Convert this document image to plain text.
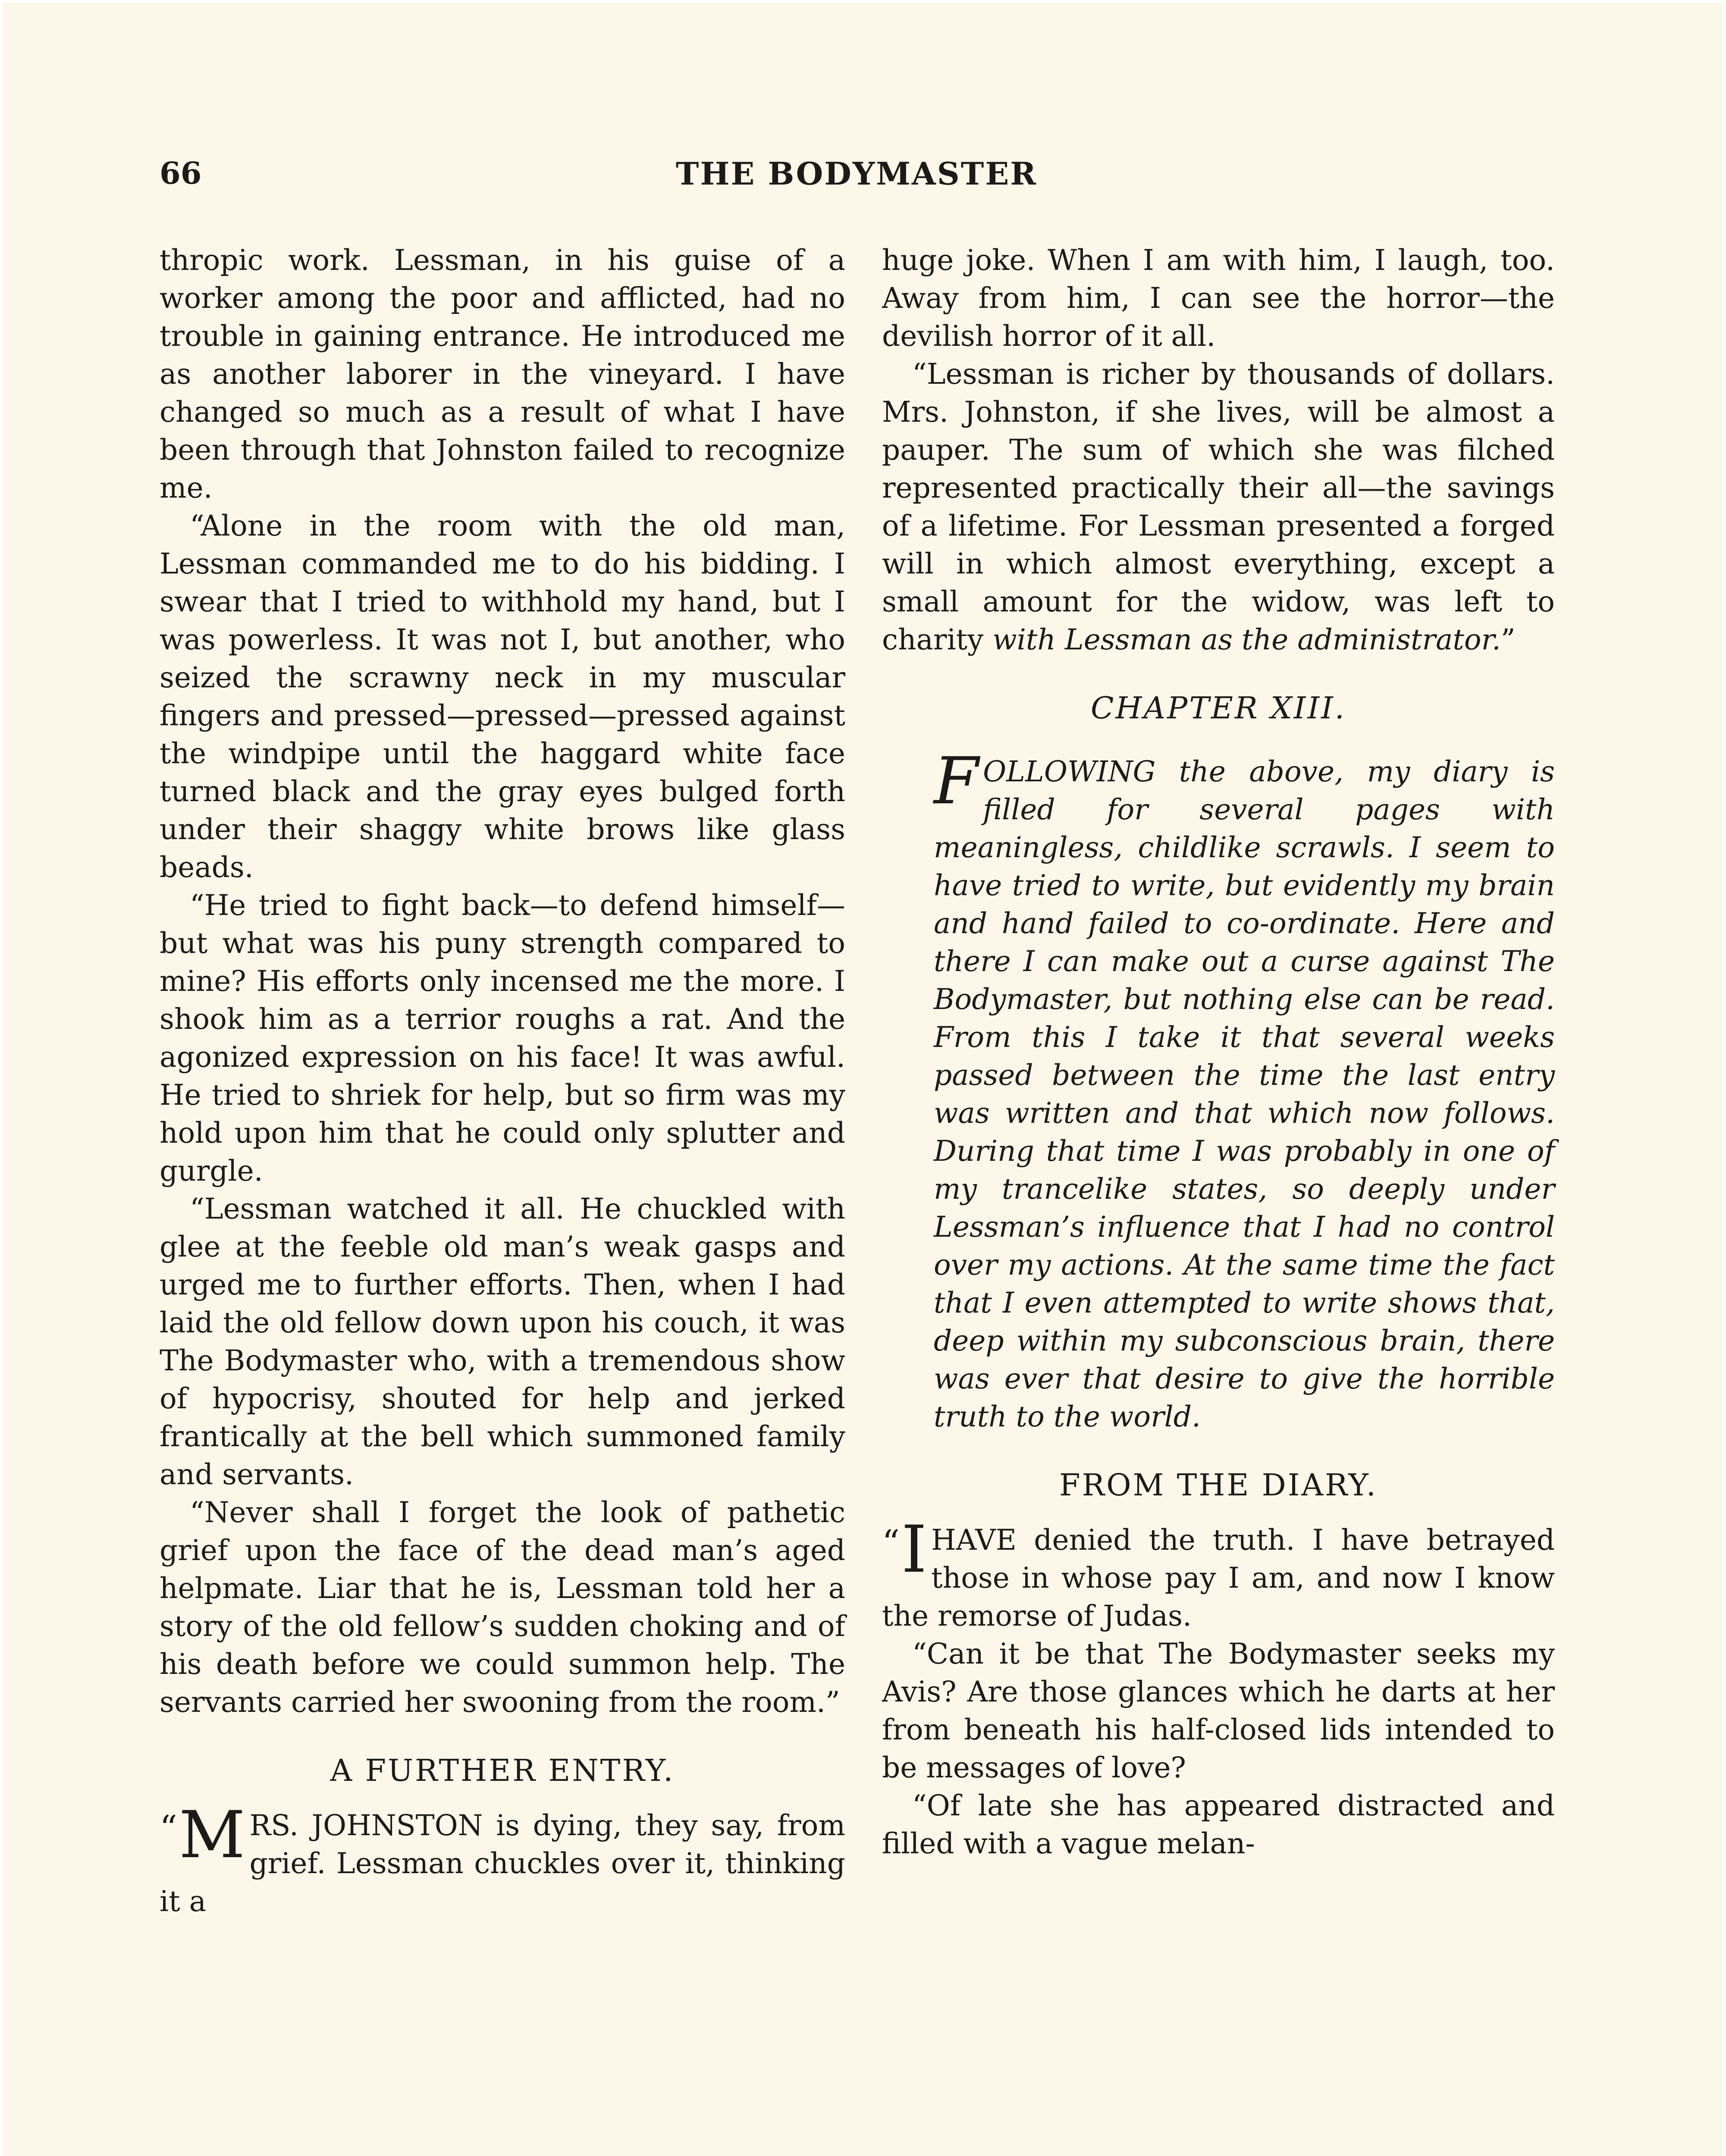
66	THE BODYMASTER

thropic work. Lessman, in his guise of a worker among the poor and afflicted, had no trouble in gaining entrance. He introduced me as another laborer in the vineyard. I have changed so much as a result of what I have been through that Johnston failed to recognize me.

“Alone in the room with the old man, Lessman commanded me to do his bidding. I swear that I tried to withhold my hand, but I was powerless. It was not I, but another, who seized the scrawny neck in my muscular fingers and pressed—pressed—pressed against the windpipe until the haggard white face turned black and the gray eyes bulged forth under their shaggy white brows like glass beads.

“He tried to fight back—to defend himself—but what was his puny strength compared to mine? His efforts only incensed me the more. I shook him as a terrior roughs a rat. And the agonized expression on his face! It was awful. He tried to shriek for help, but so firm was my hold upon him that he could only splutter and gurgle.

“Lessman watched it all. He chuckled with glee at the feeble old man’s weak gasps and urged me to further efforts. Then, when I had laid the old fellow down upon his couch, it was The Bodymaster who, with a tremendous show of hypocrisy, shouted for help and jerked frantically at the bell which summoned family and servants.

“Never shall I forget the look of pathetic grief upon the face of the dead man’s aged helpmate. Liar that he is, Lessman told her a story of the old fellow’s sudden choking and of his death before we could summon help. The servants carried her swooning from the room.”

A FURTHER ENTRY.

“ M RS. JOHNSTON is dying, they say, from grief. Lessman chuckles over it, thinking it a

huge joke. When I am with him, I laugh, too. Away from him, I can see the horror—the devilish horror of it all.

“Lessman is richer by thousands of dollars. Mrs. Johnston, if she lives, will be almost a pauper. The sum of which she was filched represented practically their all—the savings of a lifetime. For Lessman presented a forged will in which almost everything, except a small amount for the widow, was left to charity with Lessman as the administrator.”

CHAPTER XIII.

FOLLOWING the above, my diary is filled for several pages with meaningless, childlike scrawls. I seem to have tried to write, but evidently my brain and hand failed to co-ordinate. Here and there I can make out a curse against The Bodymaster, but nothing else can be read. From this I take it that several weeks passed between the time the last entry was written and that which now follows. During that time I was probably in one of my trancelike states, so deeply under Lessman’s influence that I had no control over my actions. At the same time the fact that I even attempted to write shows that, deep within my subconscious brain, there was ever that desire to give the horrible truth to the world.

FROM THE DIARY.

“ I HAVE denied the truth. I have betrayed those in whose pay I am, and now I know the remorse of Judas.

“Can it be that The Bodymaster seeks my Avis? Are those glances which he darts at her from beneath his half-closed lids intended to be messages of love?

“Of late she has appeared distracted and filled with a vague melan-
